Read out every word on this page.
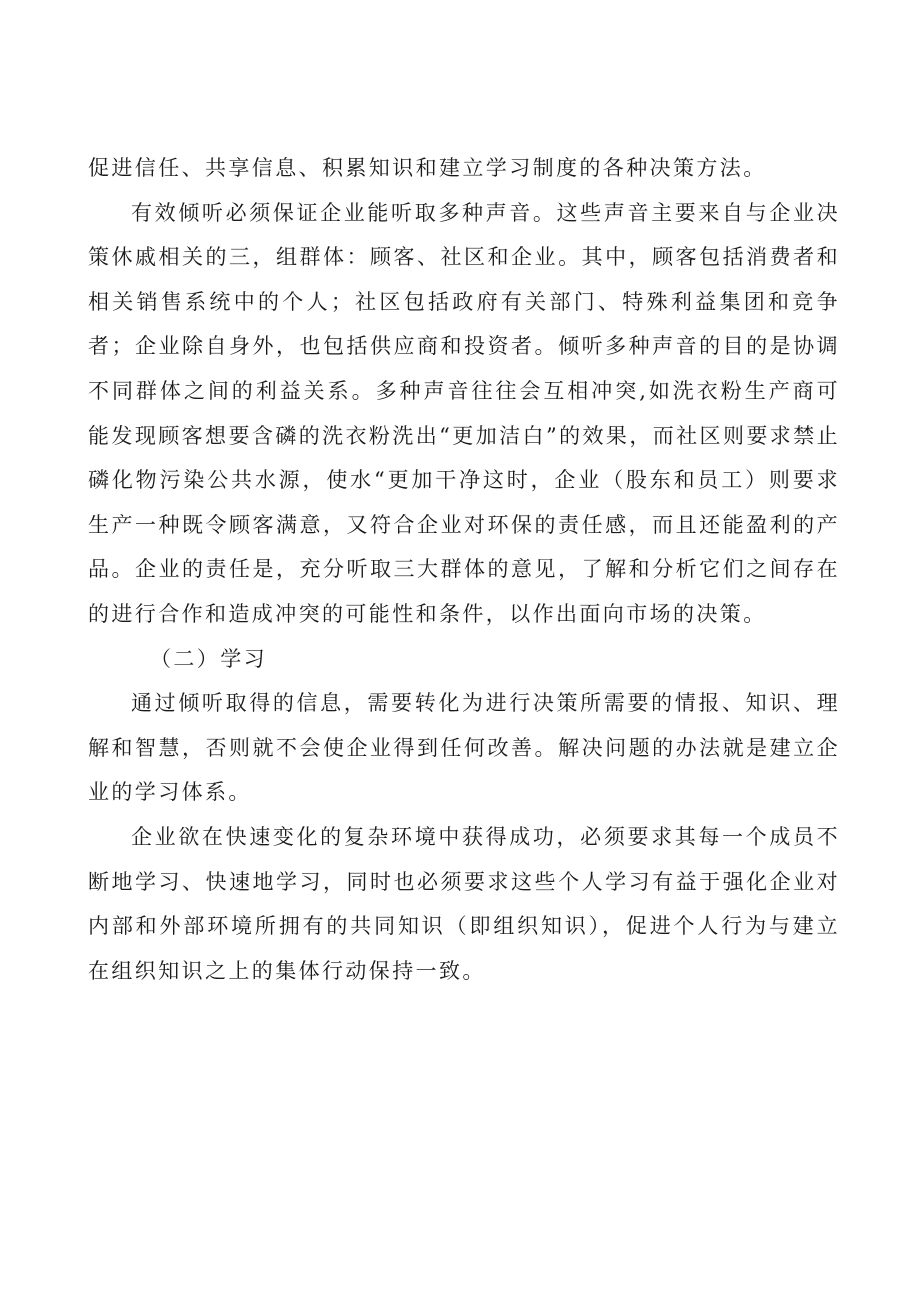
促进信任、共享信息、积累知识和建立学习制度的各种决策方法。

有效倾听必须保证企业能听取多种声音。这些声音主要来自与企业决策休戚相关的三，组群体：顾客、社区和企业。其中，顾客包括消费者和相关销售系统中的个人；社区包括政府有关部门、特殊利益集团和竞争者；企业除自身外，也包括供应商和投资者。倾听多种声音的目的是协调不同群体之间的利益关系。多种声音往往会互相冲突,如洗衣粉生产商可能发现顾客想要含磷的洗衣粉洗出“更加洁白”的效果，而社区则要求禁止磷化物污染公共水源，使水“更加干净这时，企业（股东和员工）则要求生产一种既令顾客满意，又符合企业对环保的责任感，而且还能盈利的产品。企业的责任是，充分听取三大群体的意见，了解和分析它们之间存在的进行合作和造成冲突的可能性和条件，以作出面向市场的决策。

（二）学习

通过倾听取得的信息，需要转化为进行决策所需要的情报、知识、理解和智慧，否则就不会使企业得到任何改善。解决问题的办法就是建立企业的学习体系。

企业欲在快速变化的复杂环境中获得成功，必须要求其每一个成员不断地学习、快速地学习，同时也必须要求这些个人学习有益于强化企业对内部和外部环境所拥有的共同知识（即组织知识），促进个人行为与建立在组织知识之上的集体行动保持一致。
